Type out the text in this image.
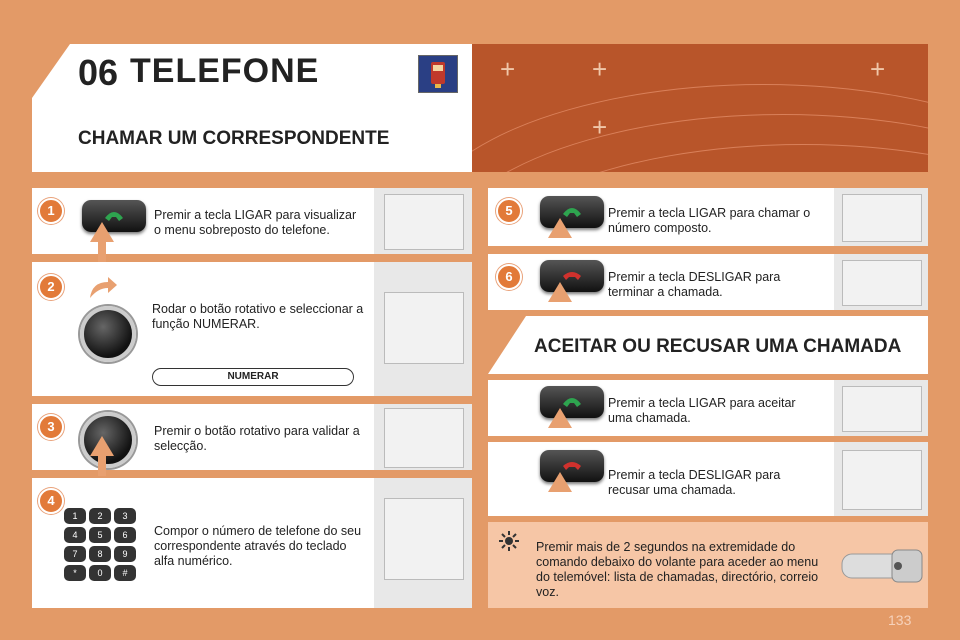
+	+	+
+
06 TELEFONE
CHAMAR UM CORRESPONDENTE
1	Premir a tecla LIGAR para visualizar o menu sobreposto do telefone.
2
Rodar o botão rotativo e seleccionar a função NUMERAR.
NUMERAR
3	Premir o botão rotativo para validar a selecção.
4
1	2	3
4	5	6
7	8	9
*	0	#
Compor o número de telefone do seu correspondente através do teclado alfa numérico.
5	Premir a tecla LIGAR para chamar o número composto.
6	Premir a tecla DESLIGAR para terminar a chamada.
ACEITAR OU RECUSAR UMA CHAMADA
Premir a tecla LIGAR para aceitar uma chamada.
Premir a tecla DESLIGAR para recusar uma chamada.
Premir mais de 2 segundos na extremidade do comando debaixo do volante para aceder ao menu do telemóvel: lista de chamadas, directório, correio voz.
133
